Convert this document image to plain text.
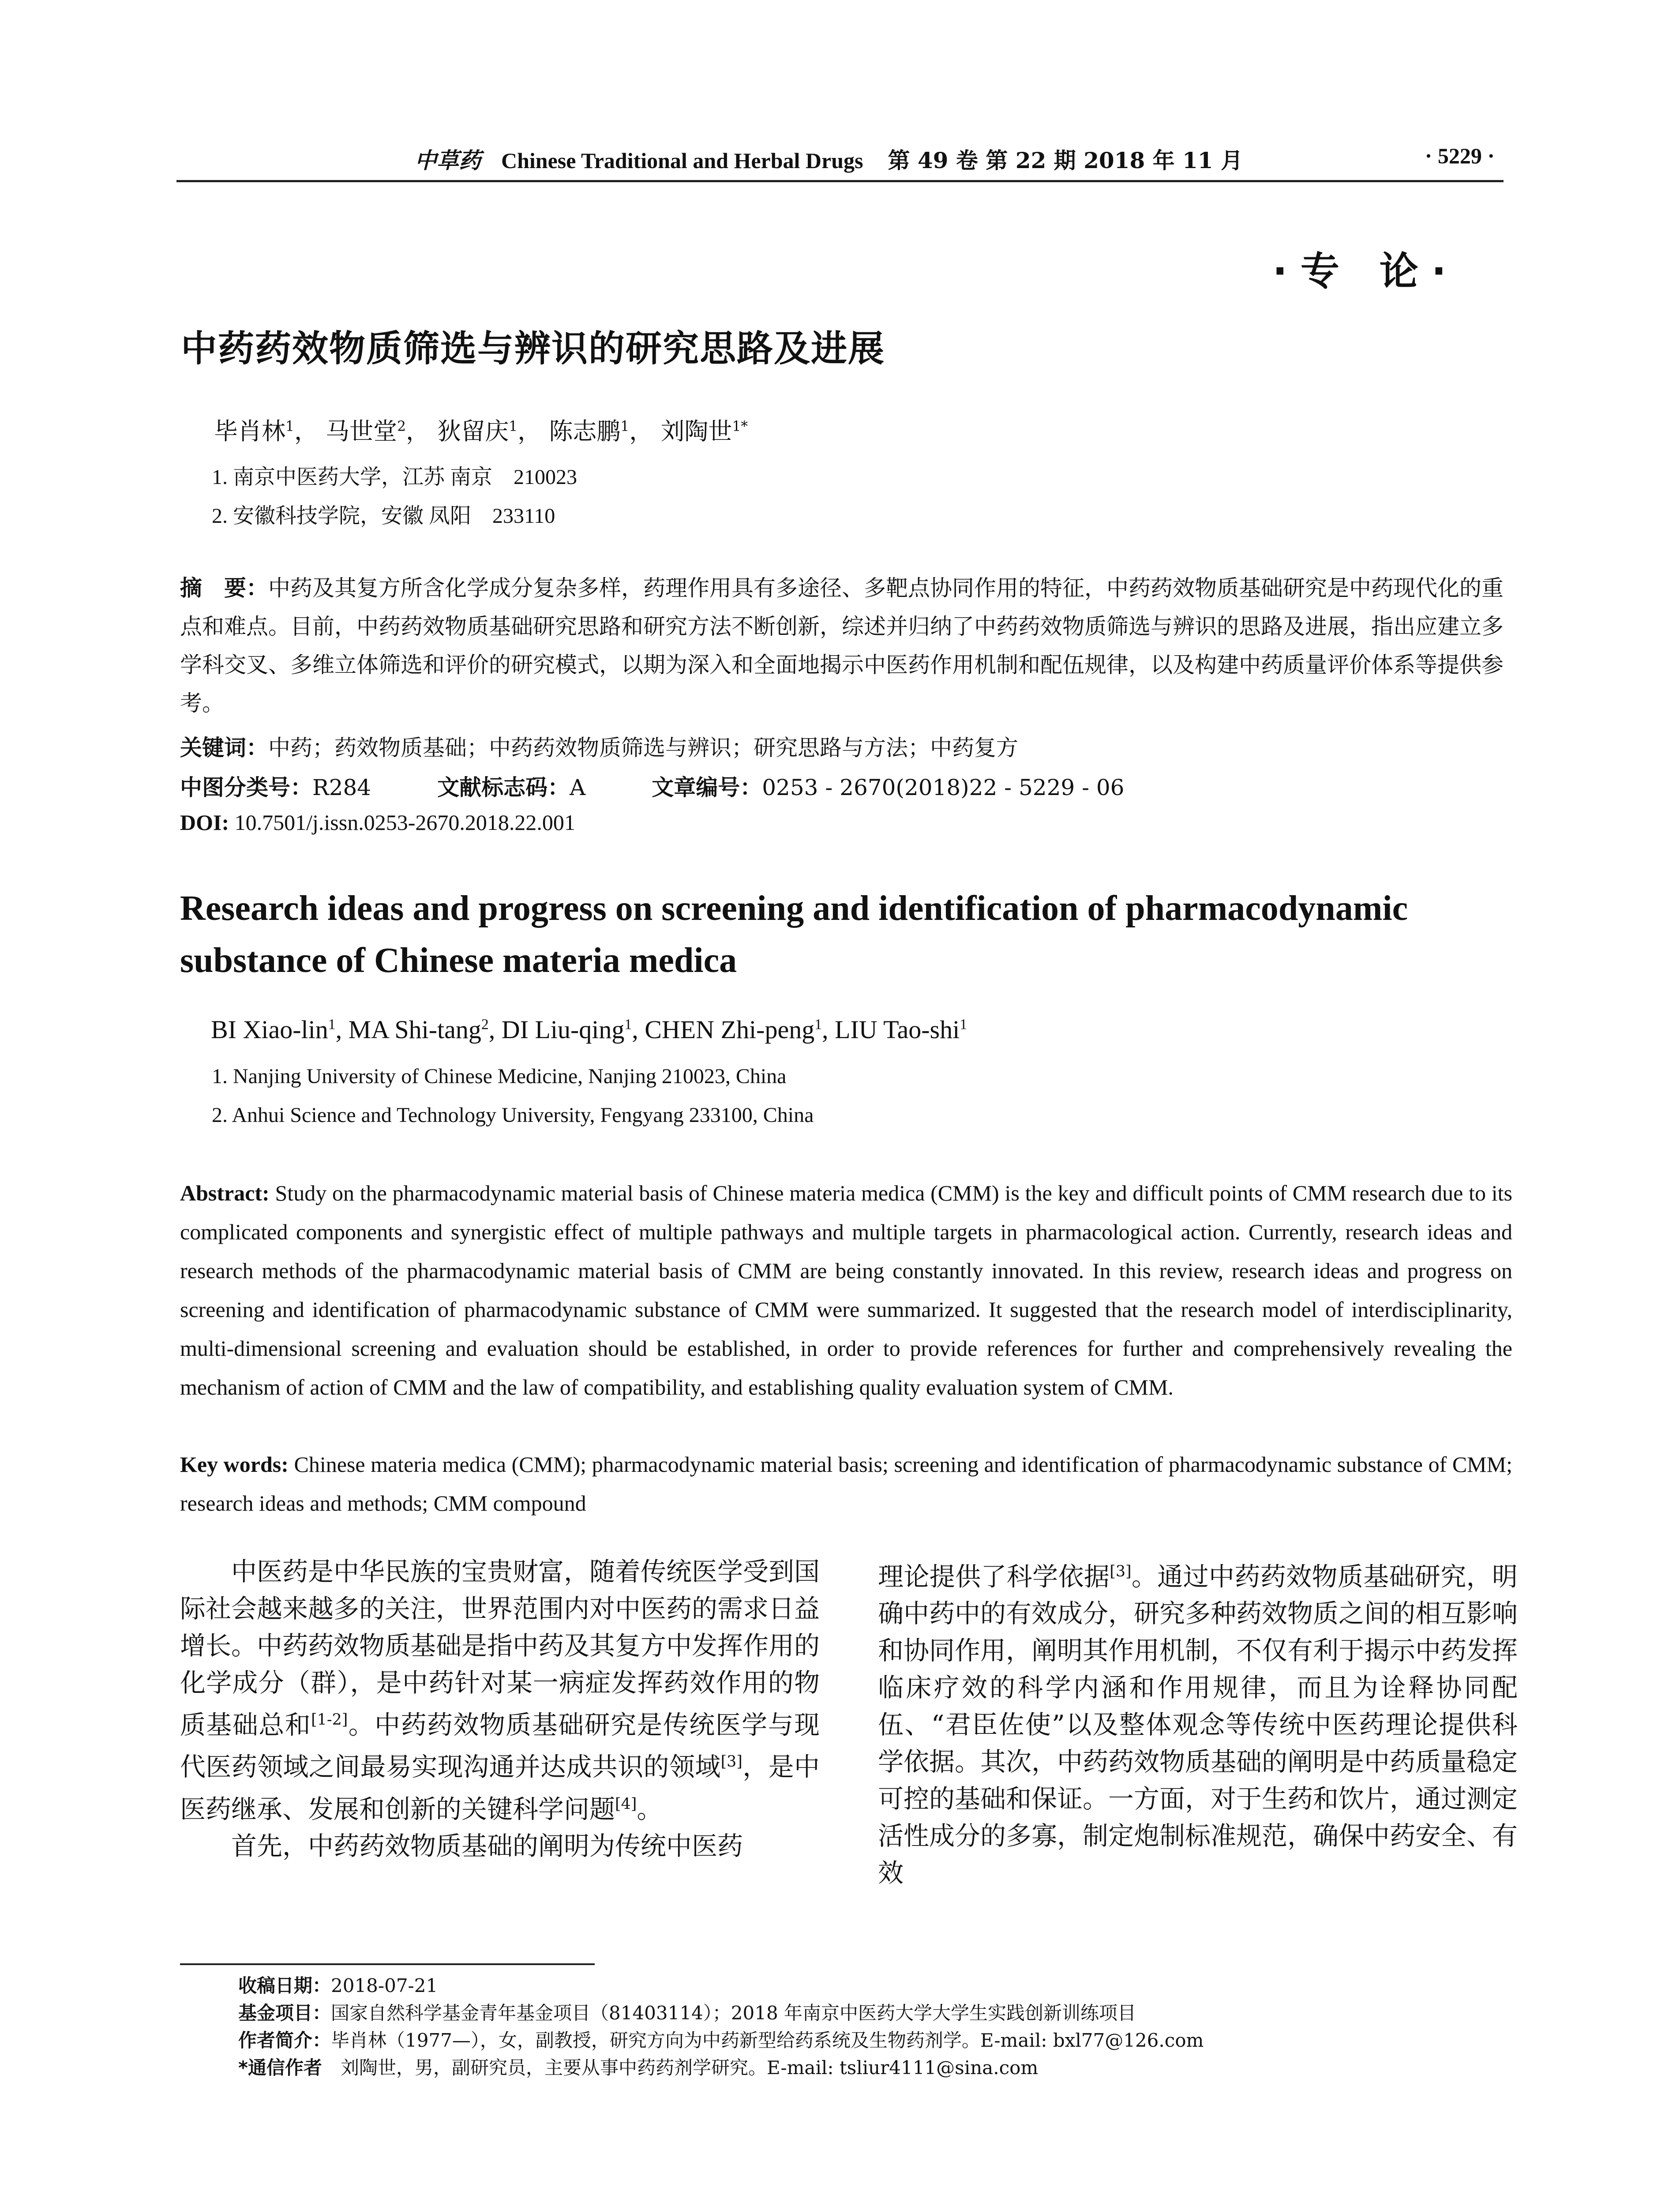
中草药 Chinese Traditional and Herbal Drugs 第 49 卷 第 22 期 2018 年 11 月	· 5229 ·
·专 论·
中药药效物质筛选与辨识的研究思路及进展
毕肖林$^1$， 马世堂$^2$， 狄留庆$^1$， 陈志鹏$^1$， 刘陶世$^{1*}$
1. 南京中医药大学，江苏 南京　210023
2. 安徽科技学院，安徽 凤阳　233110
摘　要：中药及其复方所含化学成分复杂多样，药理作用具有多途径、多靶点协同作用的特征，中药药效物质基础研究是中药现代化的重点和难点。目前，中药药效物质基础研究思路和研究方法不断创新，综述并归纳了中药药效物质筛选与辨识的思路及进展，指出应建立多学科交叉、多维立体筛选和评价的研究模式，以期为深入和全面地揭示中医药作用机制和配伍规律，以及构建中药质量评价体系等提供参考。
关键词：中药；药效物质基础；中药药效物质筛选与辨识；研究思路与方法；中药复方
中图分类号：R284	文献标志码：A	文章编号：0253 - 2670(2018)22 - 5229 - 06
DOI: 10.7501/j.issn.0253-2670.2018.22.001
Research ideas and progress on screening and identification of pharmacodynamic substance of Chinese materia medica
BI Xiao-lin$^1$, MA Shi-tang$^2$, DI Liu-qing$^1$, CHEN Zhi-peng$^1$, LIU Tao-shi$^1$
1. Nanjing University of Chinese Medicine, Nanjing 210023, China
2. Anhui Science and Technology University, Fengyang 233100, China
Abstract: Study on the pharmacodynamic material basis of Chinese materia medica (CMM) is the key and difficult points of CMM research due to its complicated components and synergistic effect of multiple pathways and multiple targets in pharmacological action. Currently, research ideas and research methods of the pharmacodynamic material basis of CMM are being constantly innovated. In this review, research ideas and progress on screening and identification of pharmacodynamic substance of CMM were summarized. It suggested that the research model of interdisciplinarity, multi-dimensional screening and evaluation should be established, in order to provide references for further and comprehensively revealing the mechanism of action of CMM and the law of compatibility, and establishing quality evaluation system of CMM.
Key words: Chinese materia medica (CMM); pharmacodynamic material basis; screening and identification of pharmacodynamic substance of CMM; research ideas and methods; CMM compound

中医药是中华民族的宝贵财富，随着传统医学受到国际社会越来越多的关注，世界范围内对中医药的需求日益增长。中药药效物质基础是指中药及其复方中发挥作用的化学成分（群），是中药针对某一病症发挥药效作用的物质基础总和[1-2]。中药药效物质基础研究是传统医学与现代医药领域之间最易实现沟通并达成共识的领域[3]，是中医药继承、发展和创新的关键科学问题[4]。

首先，中药药效物质基础的阐明为传统中医药

理论提供了科学依据[3]。通过中药药效物质基础研究，明确中药中的有效成分，研究多种药效物质之间的相互影响和协同作用，阐明其作用机制，不仅有利于揭示中药发挥临床疗效的科学内涵和作用规律，而且为诠释协同配伍、“君臣佐使”以及整体观念等传统中医药理论提供科学依据。其次，中药药效物质基础的阐明是中药质量稳定可控的基础和保证。一方面，对于生药和饮片，通过测定活性成分的多寡，制定炮制标准规范，确保中药安全、有效

收稿日期：2018-07-21
基金项目：国家自然科学基金青年基金项目（81403114）；2018 年南京中医药大学大学生实践创新训练项目
作者简介：毕肖林（1977—），女，副教授，研究方向为中药新型给药系统及生物药剂学。E-mail: bxl77@126.com
*通信作者　刘陶世，男，副研究员，主要从事中药药剂学研究。E-mail: tsliur4111@sina.com
